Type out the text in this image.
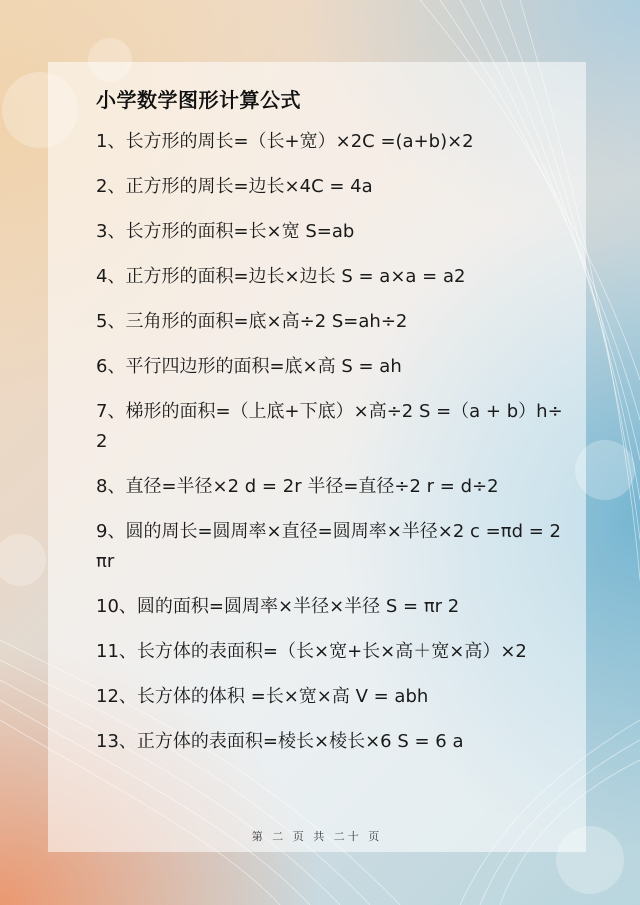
小学数学图形计算公式
1、长方形的周长=（长+宽）×2C =(a+b)×2
2、正方形的周长=边长×4C = 4a
3、长方形的面积=长×宽 S=ab
4、正方形的面积=边长×边长 S = a×a = a2
5、三角形的面积=底×高÷2 S=ah÷2
6、平行四边形的面积=底×高 S = ah
7、梯形的面积=（上底+下底）×高÷2 S =（a + b）h÷2
8、直径=半径×2 d = 2r 半径=直径÷2 r = d÷2
9、圆的周长=圆周率×直径=圆周率×半径×2 c =πd = 2πr
10、圆的面积=圆周率×半径×半径 S = πr 2
11、长方体的表面积=（长×宽+长×高＋宽×高）×2
12、长方体的体积 =长×宽×高 V = abh
13、正方体的表面积=棱长×棱长×6 S = 6 a
第 二 页 共 二十 页
